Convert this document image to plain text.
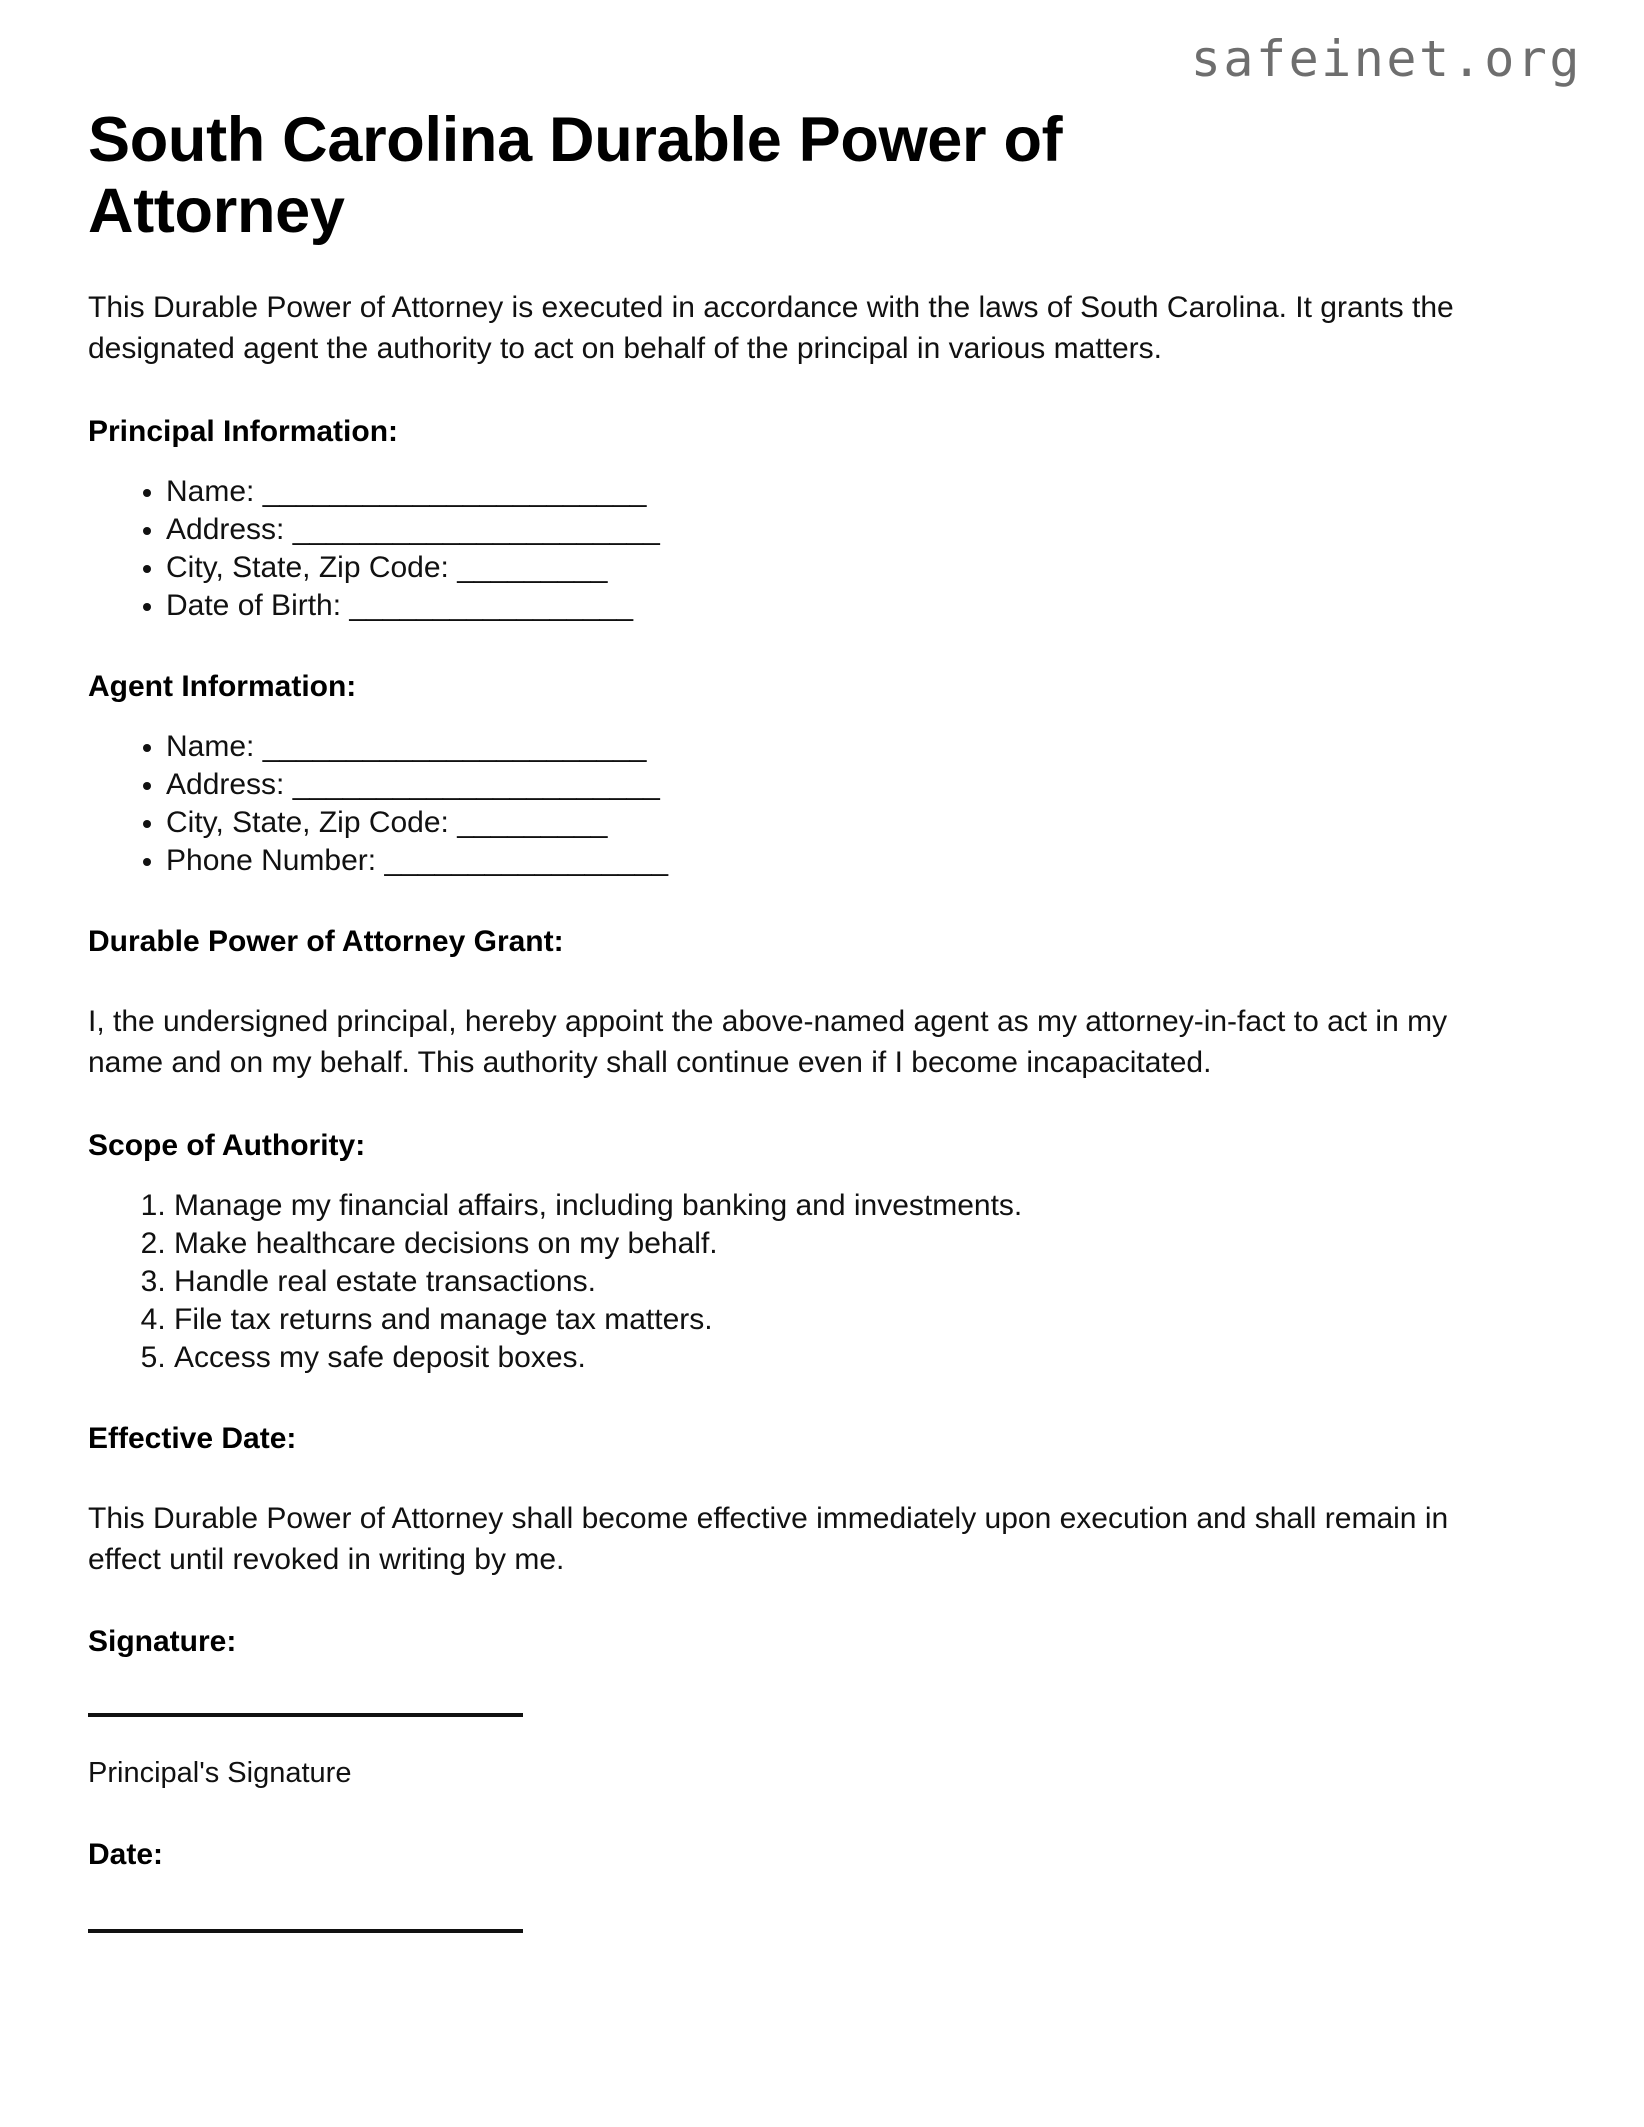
safeinet.org
South Carolina Durable Power of Attorney

This Durable Power of Attorney is executed in accordance with the laws of South Carolina. It grants the designated agent the authority to act on behalf of the principal in various matters.

Principal Information:
• Name: _______________________
• Address: ______________________
• City, State, Zip Code: _________
• Date of Birth: _________________
Agent Information:
• Name: _______________________
• Address: ______________________
• City, State, Zip Code: _________
• Phone Number: _________________
Durable Power of Attorney Grant:

I, the undersigned principal, hereby appoint the above-named agent as my attorney-in-fact to act in my name and on my behalf. This authority shall continue even if I become incapacitated.

Scope of Authority:
1. Manage my financial affairs, including banking and investments.
2. Make healthcare decisions on my behalf.
3. Handle real estate transactions.
4. File tax returns and manage tax matters.
5. Access my safe deposit boxes.
Effective Date:

This Durable Power of Attorney shall become effective immediately upon execution and shall remain in effect until revoked in writing by me.

Signature:

Principal's Signature

Date:
